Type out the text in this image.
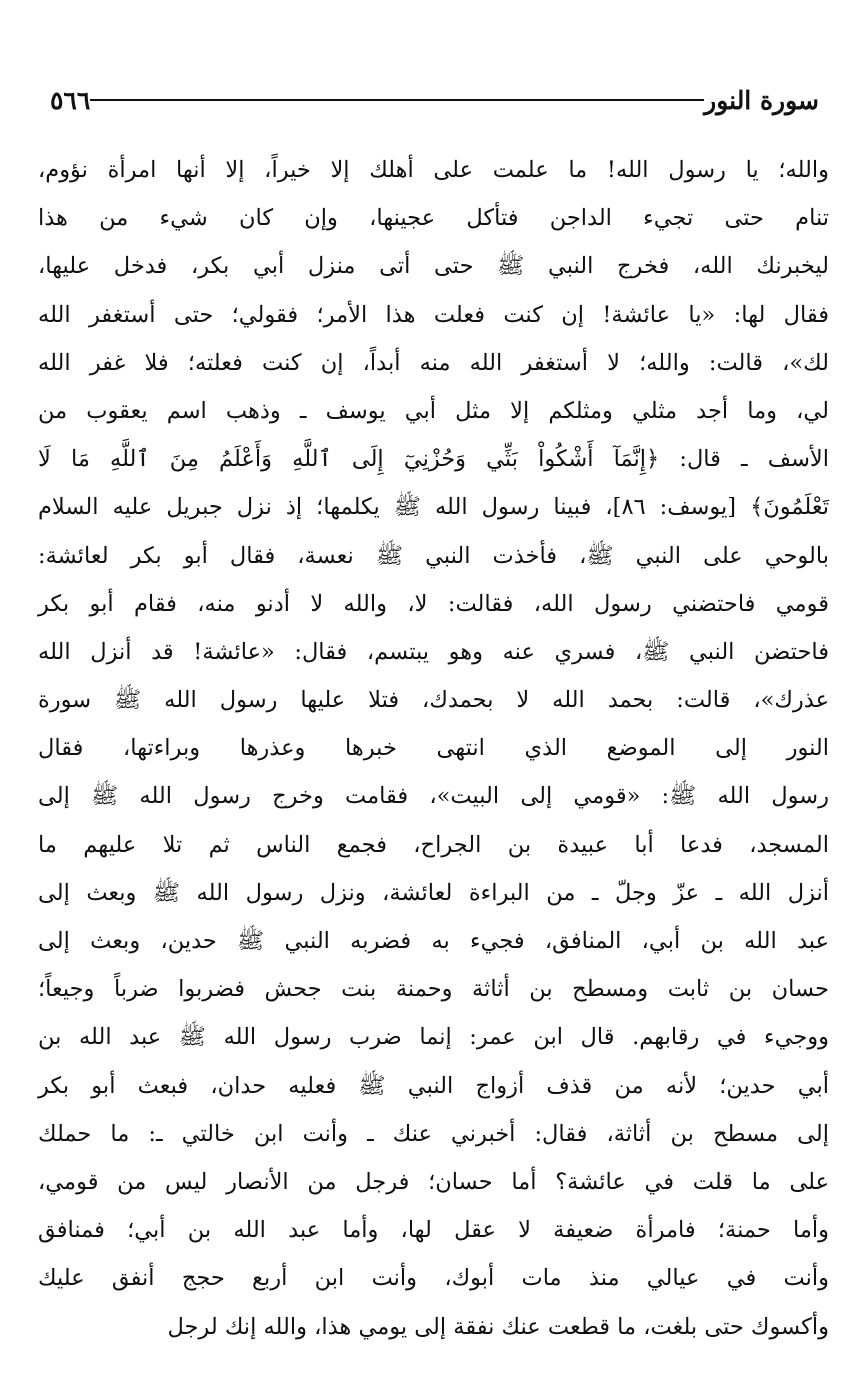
سورة النور
٥٦٦
والله؛ يا رسول الله! ما علمت على أهلك إلا خيراً، إلا أنها امرأة نؤوم،
تنام حتى تجيء الداجن فتأكل عجينها، وإن كان شيء من هذا
ليخبرنك الله، فخرج النبي ﷺ حتى أتى منزل أبي بكر، فدخل عليها،
فقال لها: «يا عائشة! إن كنت فعلت هذا الأمر؛ فقولي؛ حتى أستغفر الله
لك»، قالت: والله؛ لا أستغفر الله منه أبداً، إن كنت فعلته؛ فلا غفر الله
لي، وما أجد مثلي ومثلكم إلا مثل أبي يوسف ـ وذهب اسم يعقوب من
الأسف ـ قال: ﴿إِنَّمَآ أَشْكُواْ بَثِّي وَحُزْنِيٓ إِلَى ٱللَّهِ وَأَعْلَمُ مِنَ ٱللَّهِ مَا لَا
تَعْلَمُونَ﴾ [يوسف: ٨٦]، فبينا رسول الله ﷺ يكلمها؛ إذ نزل جبريل عليه السلام
بالوحي على النبي ﷺ، فأخذت النبي ﷺ نعسة، فقال أبو بكر لعائشة:
قومي فاحتضني رسول الله، فقالت: لا، والله لا أدنو منه، فقام أبو بكر
فاحتضن النبي ﷺ، فسري عنه وهو يبتسم، فقال: «عائشة! قد أنزل الله
عذرك»، قالت: بحمد الله لا بحمدك، فتلا عليها رسول الله ﷺ سورة
النور إلى الموضع الذي انتهى خبرها وعذرها وبراءتها، فقال
رسول الله ﷺ: «قومي إلى البيت»، فقامت وخرج رسول الله ﷺ إلى
المسجد، فدعا أبا عبيدة بن الجراح، فجمع الناس ثم تلا عليهم ما
أنزل الله ـ عزّ وجلّ ـ من البراءة لعائشة، ونزل رسول الله ﷺ وبعث إلى
عبد الله بن أبي، المنافق، فجيء به فضربه النبي ﷺ حدين، وبعث إلى
حسان بن ثابت ومسطح بن أثاثة وحمنة بنت جحش فضربوا ضرباً وجيعاً؛
ووجيء في رقابهم. قال ابن عمر: إنما ضرب رسول الله ﷺ عبد الله بن
أبي حدين؛ لأنه من قذف أزواج النبي ﷺ فعليه حدان، فبعث أبو بكر
إلى مسطح بن أثاثة، فقال: أخبرني عنك ـ وأنت ابن خالتي ـ: ما حملك
على ما قلت في عائشة؟ أما حسان؛ فرجل من الأنصار ليس من قومي،
وأما حمنة؛ فامرأة ضعيفة لا عقل لها، وأما عبد الله بن أبي؛ فمنافق
وأنت في عيالي منذ مات أبوك، وأنت ابن أربع حجج أنفق عليك
وأكسوك حتى بلغت، ما قطعت عنك نفقة إلى يومي هذا، والله إنك لرجل
